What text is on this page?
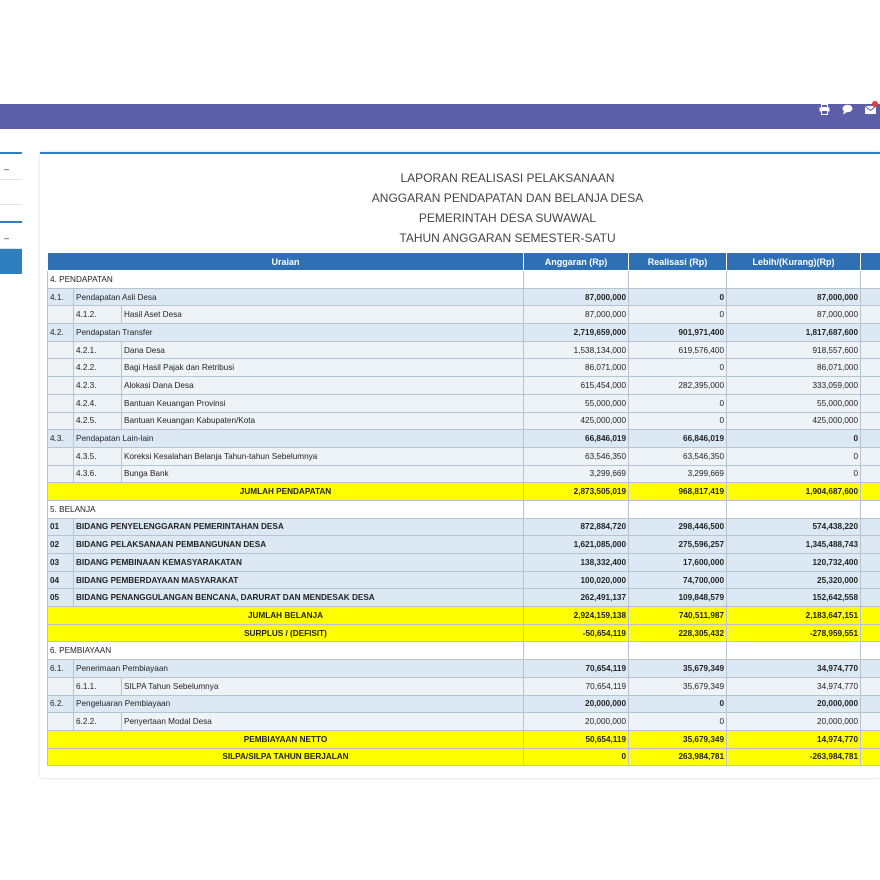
–
–
LAPORAN REALISASI PELAKSANAAN
ANGGARAN PENDAPATAN DAN BELANJA DESA
PEMERINTAH DESA SUWAWAL
TAHUN ANGGARAN SEMESTER-SATU
Uraian			Anggaran (Rp)	Realisasi (Rp)	Lebih/(Kurang)(Rp)	
4. PENDAPATAN						
4.1.	Pendapatan Asli Desa		87,000,000	0	87,000,000	
	4.1.2.	Hasil Aset Desa	87,000,000	0	87,000,000	
4.2.	Pendapatan Transfer		2,719,659,000	901,971,400	1,817,687,600	
	4.2.1.	Dana Desa	1,538,134,000	619,576,400	918,557,600	
	4.2.2.	Bagi Hasil Pajak dan Retribusi	86,071,000	0	86,071,000	
	4.2.3.	Alokasi Dana Desa	615,454,000	282,395,000	333,059,000	
	4.2.4.	Bantuan Keuangan Provinsi	55,000,000	0	55,000,000	
	4.2.5.	Bantuan Keuangan Kabupaten/Kota	425,000,000	0	425,000,000	
4.3.	Pendapatan Lain-lain		66,846,019	66,846,019	0	
	4.3.5.	Koreksi Kesalahan Belanja Tahun-tahun Sebelumnya	63,546,350	63,546,350	0	
	4.3.6.	Bunga Bank	3,299,669	3,299,669	0	
JUMLAH PENDAPATAN			2,873,505,019	968,817,419	1,904,687,600	
5. BELANJA						
01	BIDANG PENYELENGGARAN PEMERINTAHAN DESA		872,884,720	298,446,500	574,438,220	
02	BIDANG PELAKSANAAN PEMBANGUNAN DESA		1,621,085,000	275,596,257	1,345,488,743	
03	BIDANG PEMBINAAN KEMASYARAKATAN		138,332,400	17,600,000	120,732,400	
04	BIDANG PEMBERDAYAAN MASYARAKAT		100,020,000	74,700,000	25,320,000	
05	BIDANG PENANGGULANGAN BENCANA, DARURAT DAN MENDESAK DESA		262,491,137	109,848,579	152,642,558	
JUMLAH BELANJA			2,924,159,138	740,511,987	2,183,647,151	
SURPLUS / (DEFISIT)			-50,654,119	228,305,432	-278,959,551	
6. PEMBIAYAAN						
6.1.	Penerimaan Pembiayaan		70,654,119	35,679,349	34,974,770	
	6.1.1.	SILPA Tahun Sebelumnya	70,654,119	35,679,349	34,974,770	
6.2.	Pengeluaran Pembiayaan		20,000,000	0	20,000,000	
	6.2.2.	Penyertaan Modal Desa	20,000,000	0	20,000,000	
PEMBIAYAAN NETTO			50,654,119	35,679,349	14,974,770	
SILPA/SILPA TAHUN BERJALAN			0	263,984,781	-263,984,781	
